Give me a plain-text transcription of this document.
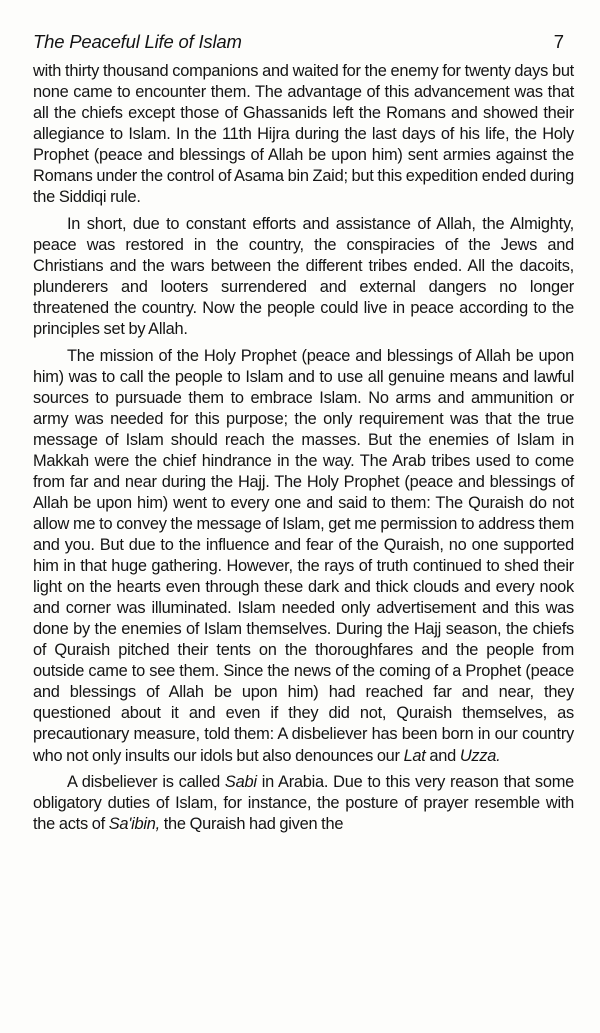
The Peaceful Life of Islam	7

with thirty thousand companions and waited for the enemy for twenty days but none came to encounter them. The advantage of this advancement was that all the chiefs except those of Ghassanids left the Romans and showed their allegiance to Islam. In the 11th Hijra during the last days of his life, the Holy Prophet (peace and blessings of Allah be upon him) sent armies against the Romans under the control of Asama bin Zaid; but this expedition ended during the Siddiqi rule.

In short, due to constant efforts and assistance of Allah, the Almighty, peace was restored in the country, the conspiracies of the Jews and Christians and the wars between the different tribes ended. All the dacoits, plunderers and looters surrendered and external dangers no longer threatened the country. Now the people could live in peace according to the principles set by Allah.

The mission of the Holy Prophet (peace and blessings of Allah be upon him) was to call the people to Islam and to use all genuine means and lawful sources to pursuade them to embrace Islam. No arms and ammunition or army was needed for this purpose; the only requirement was that the true message of Islam should reach the masses. But the enemies of Islam in Makkah were the chief hindrance in the way. The Arab tribes used to come from far and near during the Hajj. The Holy Prophet (peace and blessings of Allah be upon him) went to every one and said to them: The Quraish do not allow me to convey the message of Islam, get me permission to address them and you. But due to the influence and fear of the Quraish, no one supported him in that huge gathering. However, the rays of truth continued to shed their light on the hearts even through these dark and thick clouds and every nook and corner was illuminated. Islam needed only advertisement and this was done by the enemies of Islam themselves. During the Hajj season, the chiefs of Quraish pitched their tents on the thoroughfares and the people from outside came to see them. Since the news of the coming of a Prophet (peace and blessings of Allah be upon him) had reached far and near, they questioned about it and even if they did not, Quraish themselves, as precautionary measure, told them: A disbeliever has been born in our country who not only insults our idols but also denounces our Lat and Uzza.

A disbeliever is called Sabi in Arabia. Due to this very reason that some obligatory duties of Islam, for instance, the posture of prayer resemble with the acts of Sa'ibin, the Quraish had given the
